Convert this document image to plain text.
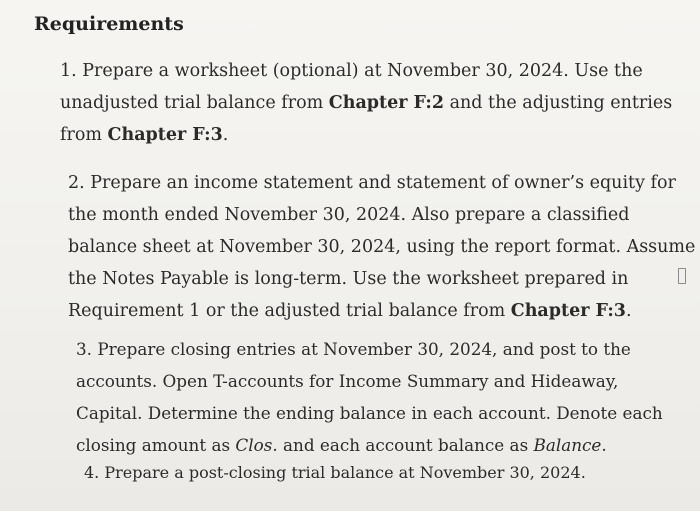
Requirements

1. Prepare a worksheet (optional) at November 30, 2024. Use the

unadjusted trial balance from Chapter F:2 and the adjusting entries

from Chapter F:3.

2. Prepare an income statement and statement of owner’s equity for

the month ended November 30, 2024. Also prepare a classified

balance sheet at November 30, 2024, using the report format. Assume

the Notes Payable is long-term. Use the worksheet prepared in

Requirement 1 or the adjusted trial balance from Chapter F:3.

3. Prepare closing entries at November 30, 2024, and post to the

accounts. Open T-accounts for Income Summary and Hideaway,

Capital. Determine the ending balance in each account. Denote each

closing amount as Clos. and each account balance as Balance.

4. Prepare a post-closing trial balance at November 30, 2024.
